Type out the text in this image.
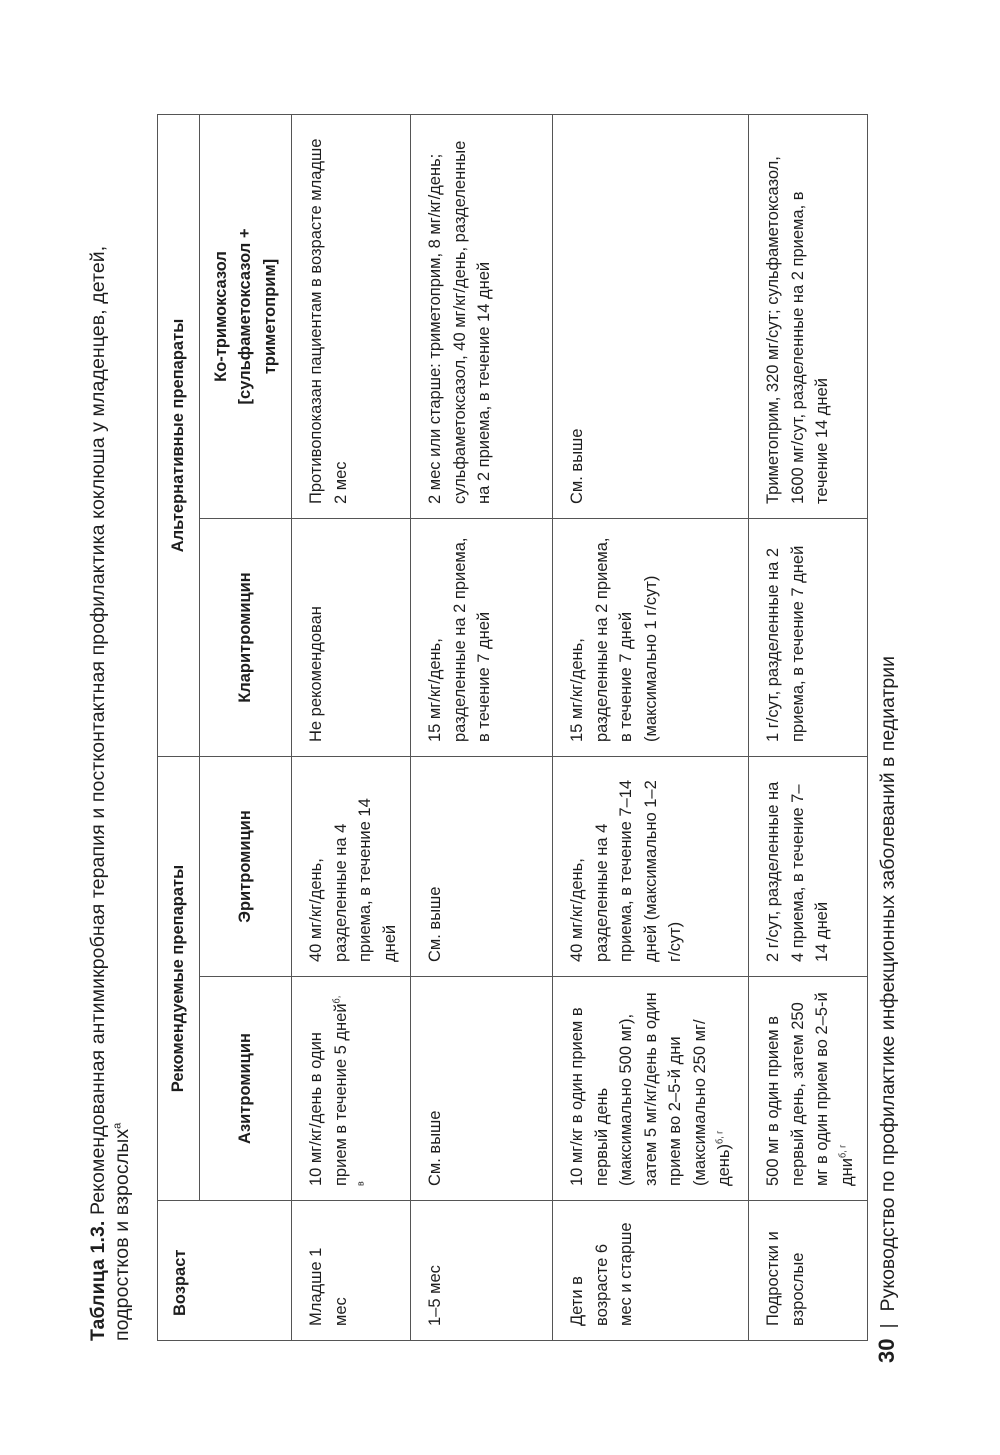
Таблица 1.3. Рекомендованная антимикробная терапия и постконтактная профилактика коклюша у младенцев, детей, подростков и взрослых$^а$
Возраст	Рекомендуемые препараты		Альтернативные препараты	
	Азитромицин	Эритромицин	Кларитромицин	Ко-тримоксазол [сульфаметоксазол + триметоприм]
Младше 1 мес	10 мг/кг/день в один прием в течение 5 дней$^{б, в}$	40 мг/кг/день, разделенные на 4 приема, в течение 14 дней	Не рекомендован	Противопоказан пациентам в возрасте младше 2 мес
1–5 мес	См. выше	См. выше	15 мг/кг/день, разделенные на 2 приема, в течение 7 дней	2 мес или старше: триметоприм, 8 мг/кг/день; сульфаметоксазол, 40 мг/кг/день, разделенные на 2 приема, в течение 14 дней
Дети в возрасте 6 мес и старше	10 мг/кг в один прием в первый день (максимально 500 мг), затем 5 мг/кг/день в один прием во 2–5-й дни (максимально 250 мг/ день)$^{б, г}$	40 мг/кг/день, разделенные на 4 приема, в течение 7–14 дней (максимально 1–2 г/сут)	15 мг/кг/день, разделенные на 2 приема, в течение 7 дней (максимально 1 г/сут)	См. выше
Подростки и взрослые	500 мг в один прием в первый день, затем 250 мг в один прием во 2–5-й дни$^{б, г}$	2 г/сут, разделенные на 4 приема, в течение 7–14 дней	1 г/сут, разделенные на 2 приема, в течение 7 дней	Триметоприм, 320 мг/сут; сульфаметоксазол, 1600 мг/сут, разделенные на 2 приема, в течение 14 дней
30|Руководство по профилактике инфекционных заболеваний в педиатрии
